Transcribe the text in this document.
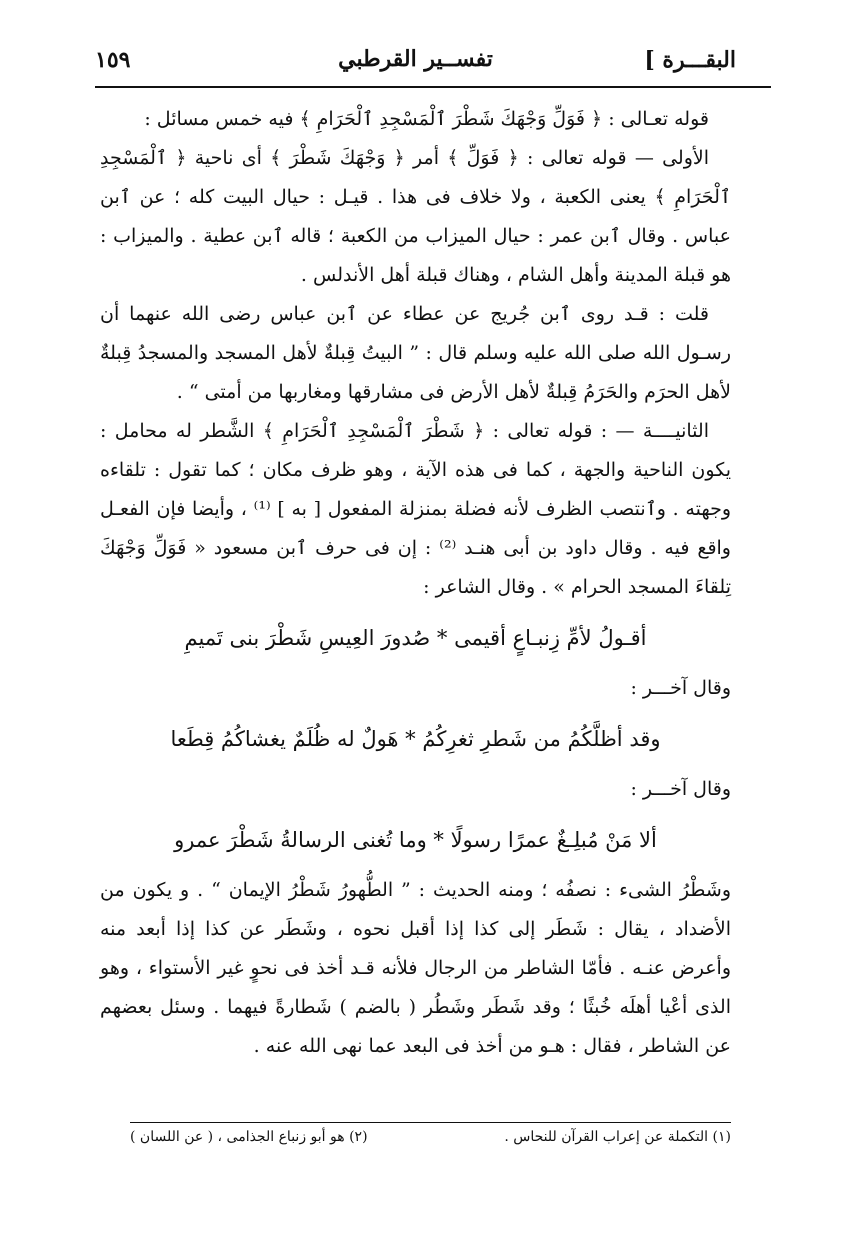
البقـــرة ]
تفســير القرطبي
١٥٩

قوله تعـالى : ﴿ فَوَلِّ وَجْهَكَ شَطْرَ ٱلْمَسْجِدِ ٱلْحَرَامِ ﴾ فيه خمس مسائل :

الأولى — قوله تعالى : ﴿ فَوَلِّ ﴾ أمر ﴿ وَجْهَكَ شَطْرَ ﴾ أى ناحية ﴿ ٱلْمَسْجِدِ ٱلْحَرَامِ ﴾ يعنى الكعبة ، ولا خلاف فى هذا . قيـل : حيال البيت كله ؛ عن ٱبن عباس . وقال ٱبن عمر : حيال الميزاب من الكعبة ؛ قاله ٱبن عطية . والميزاب : هو قبلة المدينة وأهل الشام ، وهناك قبلة أهل الأندلس .

قلت : قـد روى ٱبن جُريج عن عطاء عن ٱبن عباس رضى الله عنهما أن رسـول الله صلى الله عليه وسلم قال : ” البيتُ قِبلةٌ لأهل المسجد والمسجدُ قِبلةٌ لأهل الحرَم والحَرَمُ قِبلةٌ لأهل الأرض فى مشارقها ومغاربها من أمتى “ .

الثانيــــة — : قوله تعالى : ﴿ شَطْرَ ٱلْمَسْجِدِ ٱلْحَرَامِ ﴾ الشَّطر له محامل : يكون الناحية والجهة ، كما فى هذه الآية ، وهو ظرف مكان ؛ كما تقول : تلقاءه وجهته . وٱنتصب الظرف لأنه فضلة بمنزلة المفعول [ به ] ⁽¹⁾ ، وأيضا فإن الفعـل واقع فيه . وقال داود بن أبى هنـد ⁽²⁾ : إن فى حرف ٱبن مسعود « فَوَلِّ وَجْهَكَ تِلقاءَ المسجد الحرام » . وقال الشاعر :

أقـولُ لأمِّ زِنبـاعٍ أقيمى * صُدورَ العِيسِ شَطْرَ بنى تَميمِ

وقال آخـــر :

وقد أظلَّكُمُ من شَطرِ ثغرِكُمُ * هَولٌ له ظُلَمٌ يغشاكُمُ قِطَعا

وقال آخـــر :

ألا مَنْ مُبلِـغٌ عمرًا رسولًا * وما تُغنى الرسالةُ شَطْرَ عمرو

وشَطْرُ الشىء : نصفُه ؛ ومنه الحديث : ” الطُّهورُ شَطْرُ الإيمان “ . و يكون من الأضداد ، يقال : شَطَر إلى كذا إذا أقبل نحوه ، وشَطَر عن كذا إذا أبعد منه وأعرض عنـه . فأمّا الشاطر من الرجال فلأنه قـد أخذ فى نحوٍ غير الأستواء ، وهو الذى أعْيا أهلَه خُبثًا ؛ وقد شَطَر وشَطُر ( بالضم ) شَطارةً فيهما . وسئل بعضهم عن الشاطر ، فقال : هـو من أخذ فى البعد عما نهى الله عنه .

(١) التكملة عن إعراب القرآن للنحاس .
(٢) هو أبو زنباع الجذامى ، ( عن اللسان )
